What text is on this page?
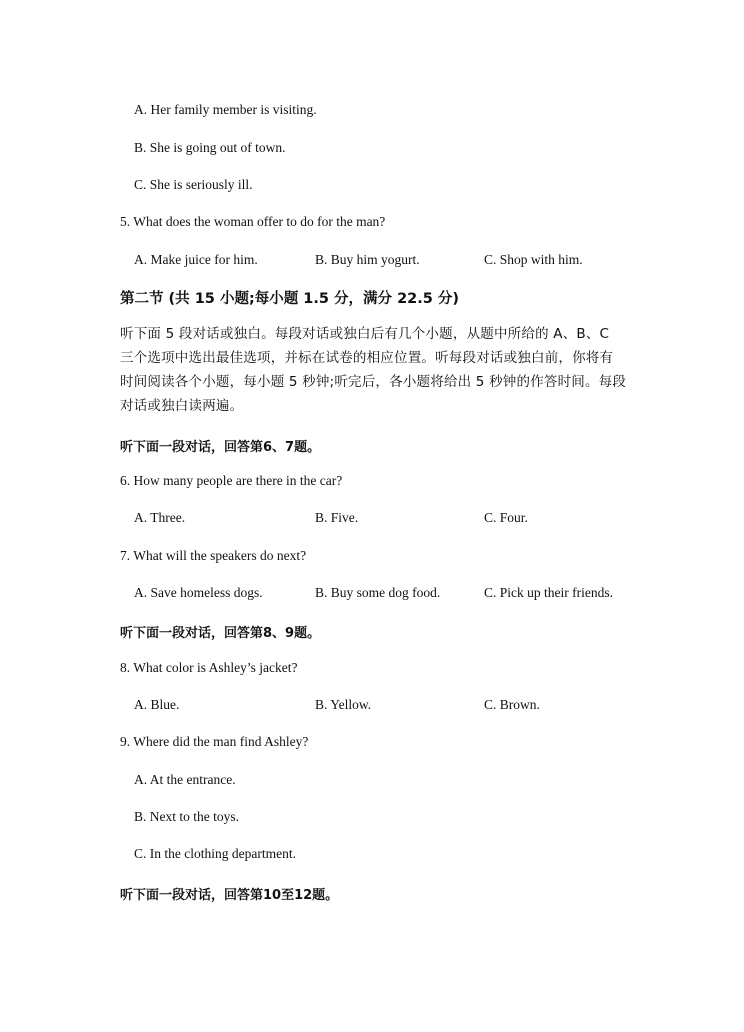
A. Her family member is visiting.
B. She is going out of town.
C. She is seriously ill.
5. What does the woman offer to do for the man?
A. Make juice for him.	B. Buy him yogurt.	C. Shop with him.
第二节 (共 15 小题;每小题 1.5 分，满分 22.5 分)
听下面 5 段对话或独白。每段对话或独白后有几个小题，从题中所给的 A、B、C
三个选项中选出最佳选项，并标在试卷的相应位置。听每段对话或独白前，你将有
时间阅读各个小题，每小题 5 秒钟;听完后，各小题将给出 5 秒钟的作答时间。每段
对话或独白读两遍。
听下面一段对话，回答第6、7题。
6. How many people are there in the car?
A. Three.	B. Five.	C. Four.
7. What will the speakers do next?
A. Save homeless dogs.	B. Buy some dog food.	C. Pick up their friends.
听下面一段对话，回答第8、9题。
8. What color is Ashley’s jacket?
A. Blue.	B. Yellow.	C. Brown.
9. Where did the man find Ashley?
A. At the entrance.
B. Next to the toys.
C. In the clothing department.
听下面一段对话，回答第10至12题。
